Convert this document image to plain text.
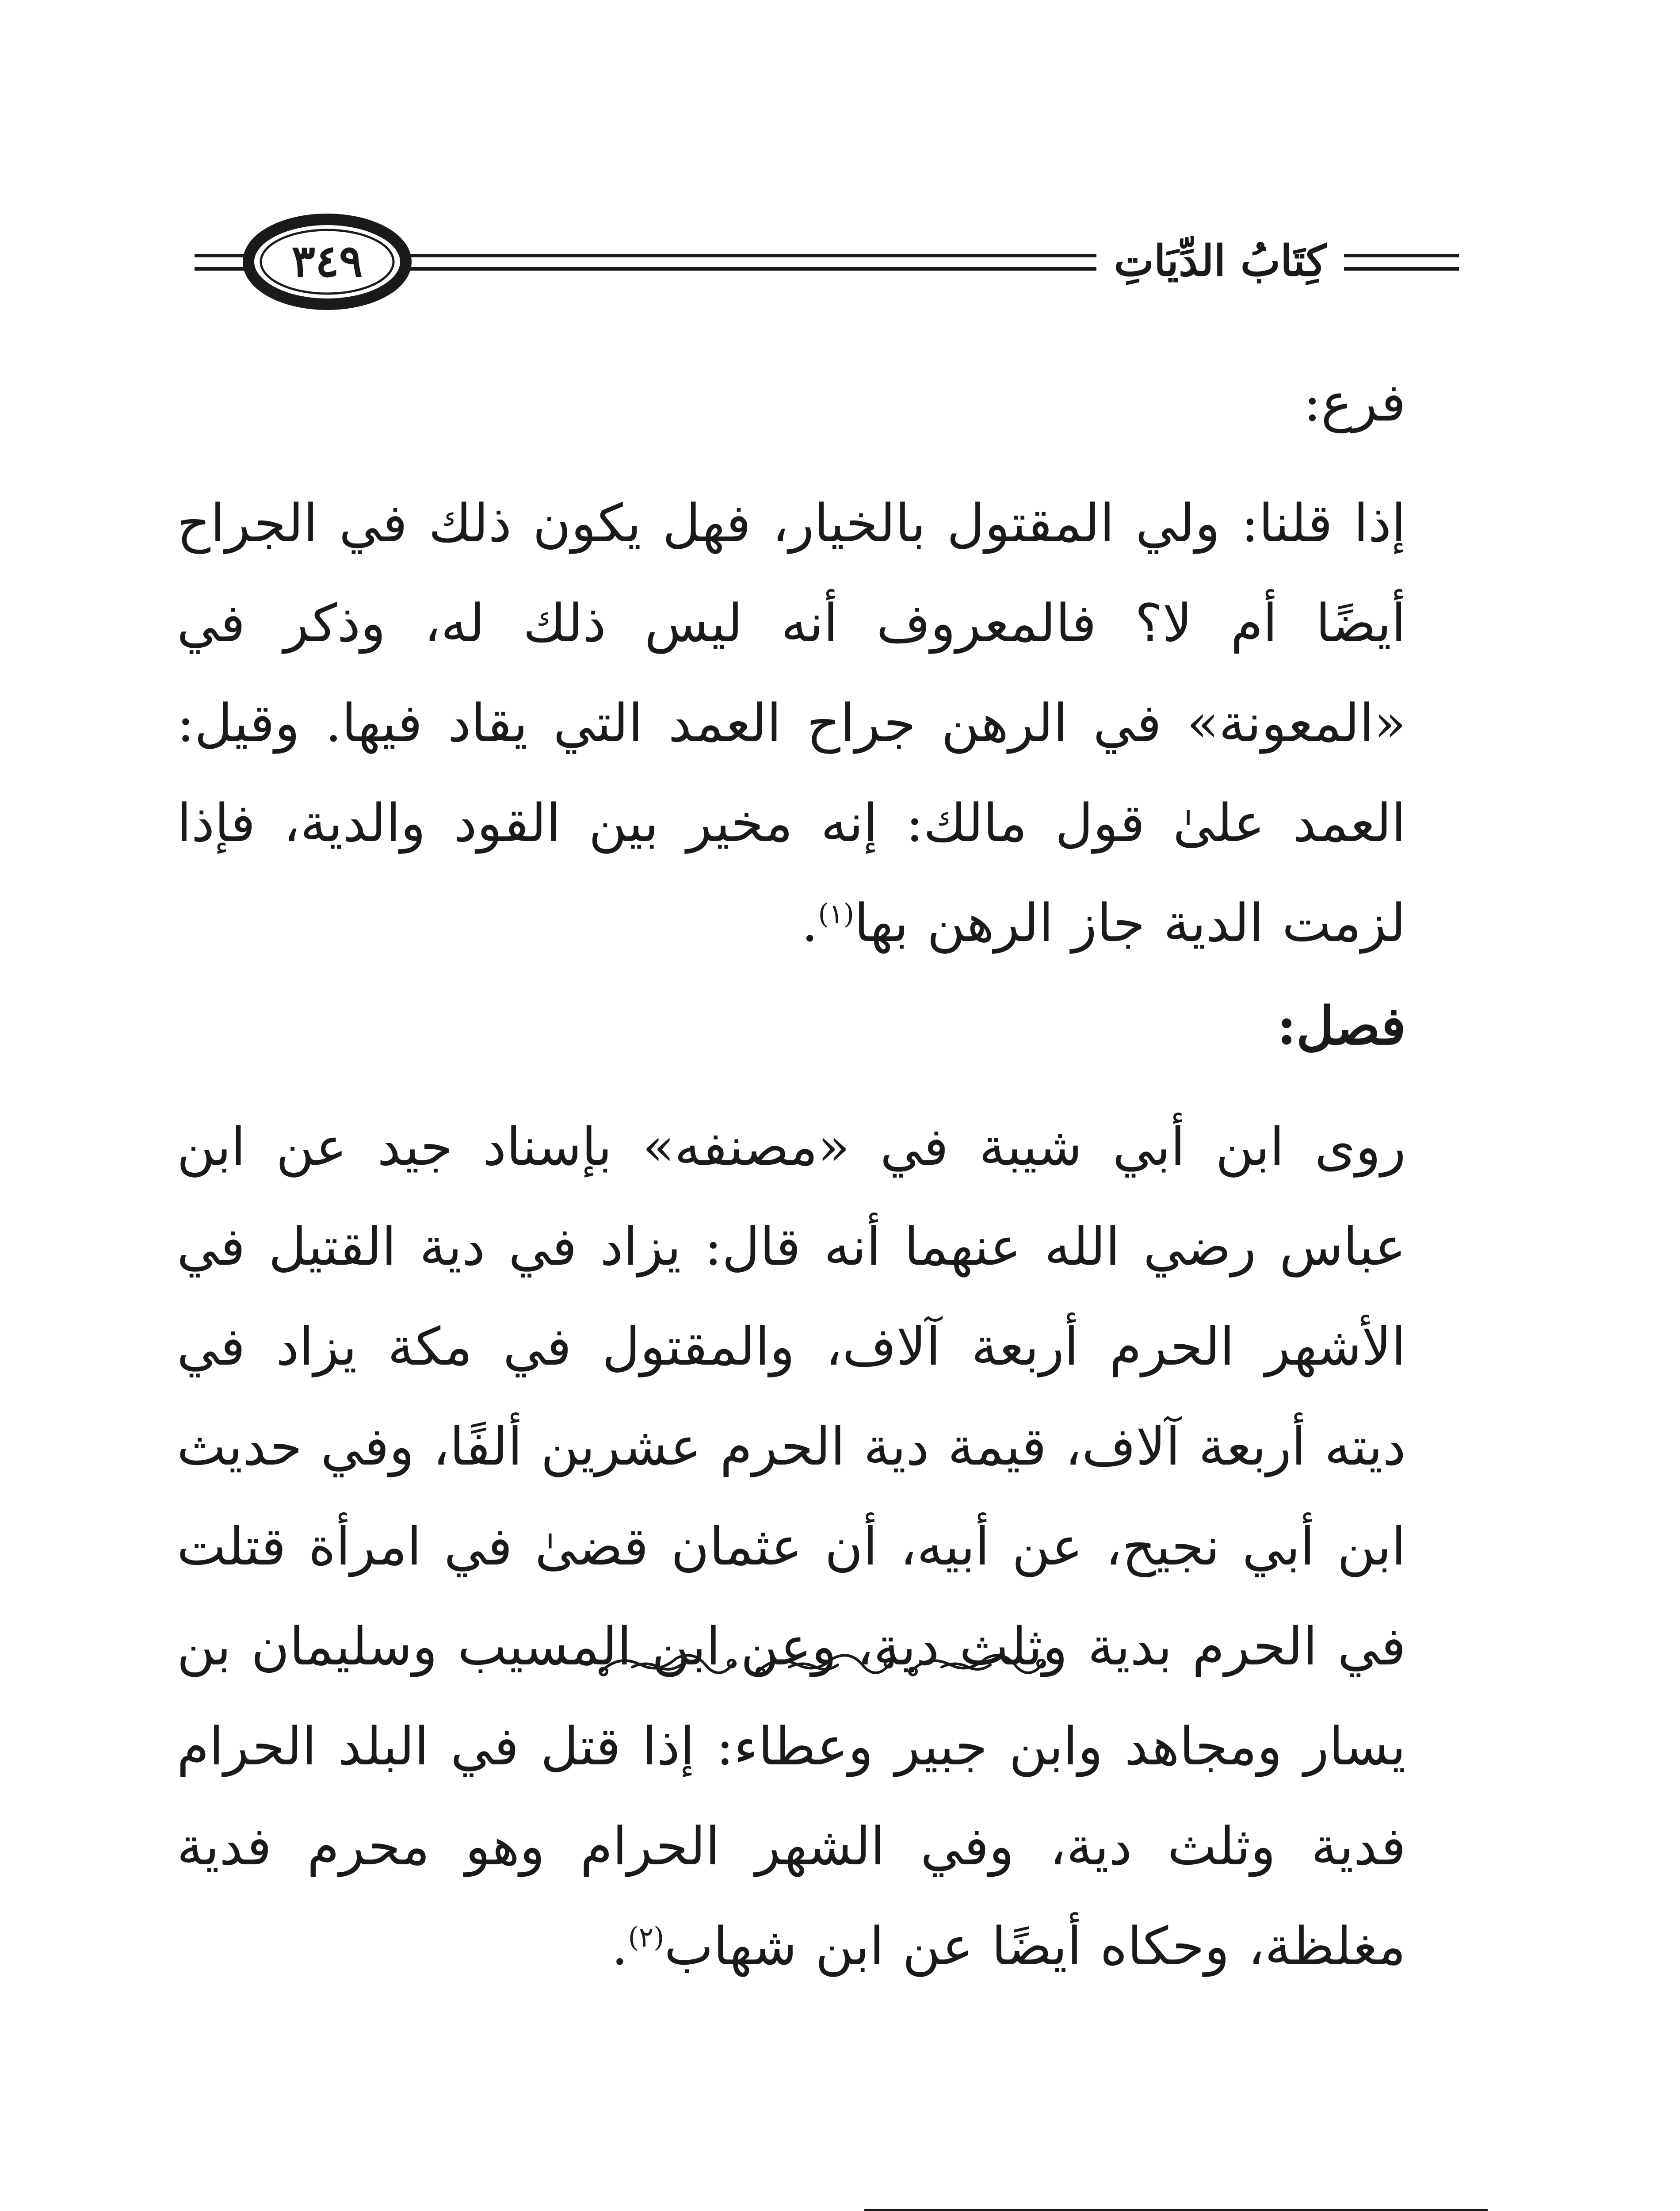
كِتَابُ الدِّيَاتِ
٣٤٩

فرع:

إذا قلنا: ولي المقتول بالخيار، فهل يكون ذلك في الجراح أيضًا أم لا؟ فالمعروف أنه ليس ذلك له، وذكر في «المعونة» في الرهن جراح العمد التي يقاد فيها. وقيل: العمد علىٰ قول مالك: إنه مخير بين القود والدية، فإذا لزمت الدية جاز الرهن بها$^{(١)}$.

فصل:

روى ابن أبي شيبة في «مصنفه» بإسناد جيد عن ابن عباس رضي الله عنهما أنه قال: يزاد في دية القتيل في الأشهر الحرم أربعة آلاف، والمقتول في مكة يزاد في ديته أربعة آلاف، قيمة دية الحرم عشرين ألفًا، وفي حديث ابن أبي نجيح، عن أبيه، أن عثمان قضىٰ في امرأة قتلت في الحرم بدية وثلث دية، وعن ابن المسيب وسليمان بن يسار ومجاهد وابن جبير وعطاء: إذا قتل في البلد الحرام فدية وثلث دية، وفي الشهر الحرام وهو محرم فدية مغلظة، وحكاه أيضًا عن ابن شهاب$^{(٢)}$.
